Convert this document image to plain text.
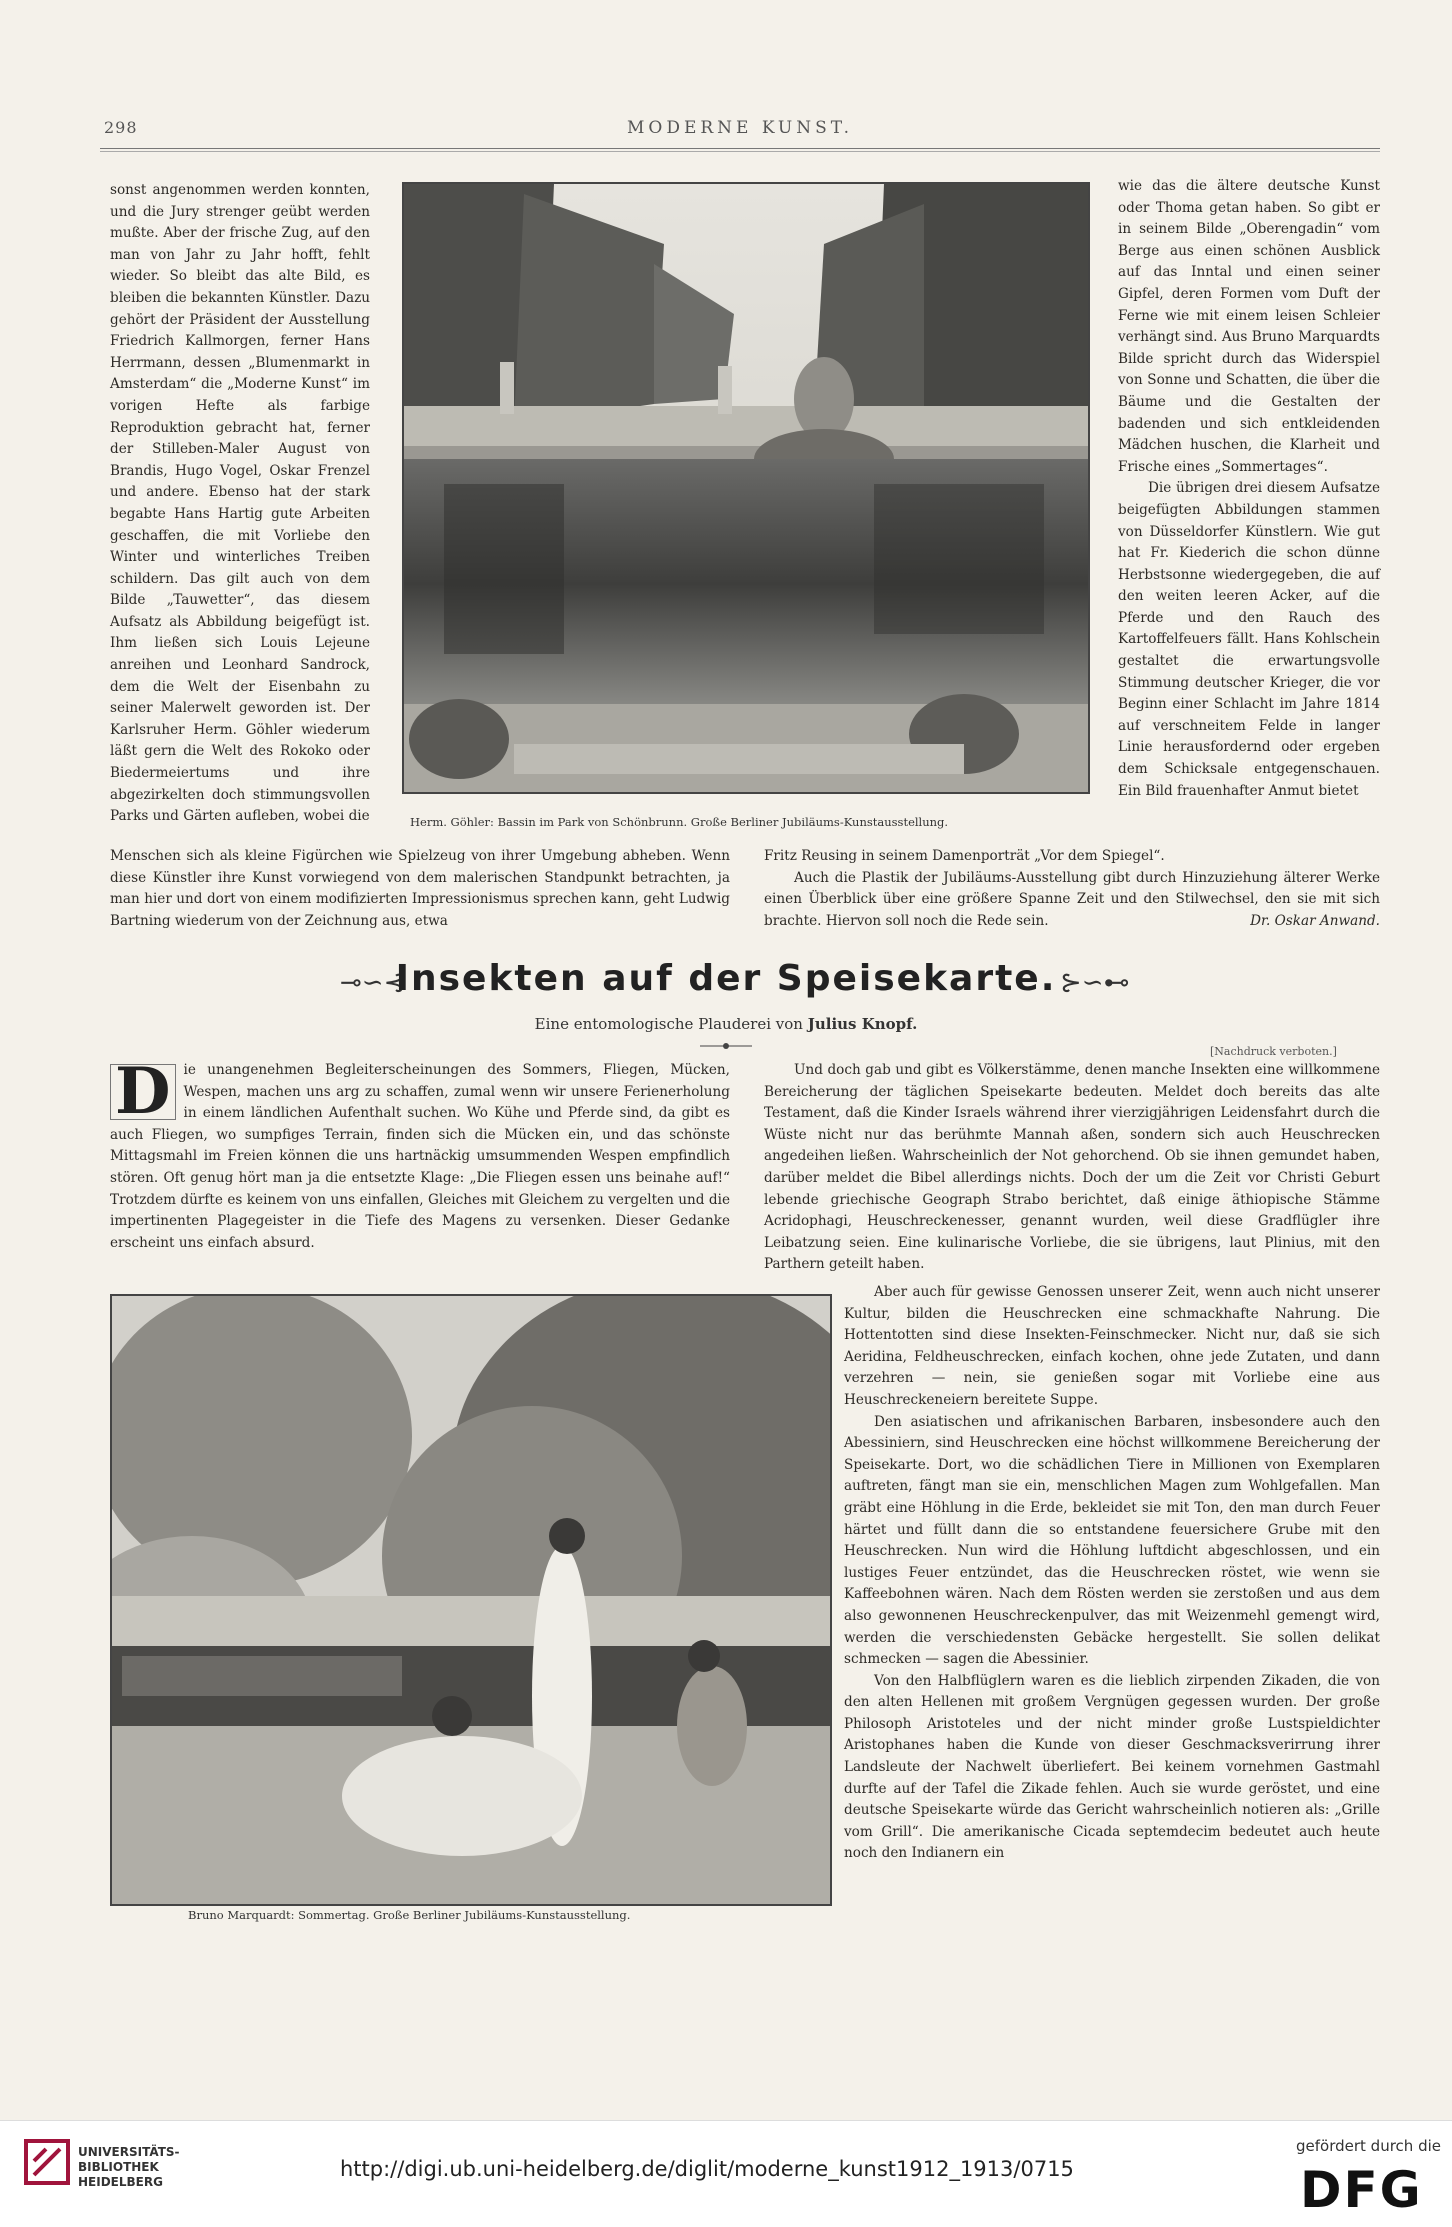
298	MODERNE KUNST.

sonst angenommen werden konnten, und die Jury strenger geübt werden mußte. Aber der frische Zug, auf den man von Jahr zu Jahr hofft, fehlt wieder. So bleibt das alte Bild, es bleiben die bekannten Künstler. Dazu gehört der Präsident der Ausstellung Friedrich Kallmorgen, ferner Hans Herrmann, dessen „Blumenmarkt in Amsterdam“ die „Moderne Kunst“ im vorigen Hefte als farbige Reproduktion gebracht hat, ferner der Stilleben-Maler August von Brandis, Hugo Vogel, Oskar Frenzel und andere. Ebenso hat der stark begabte Hans Hartig gute Arbeiten geschaffen, die mit Vorliebe den Winter und winterliches Treiben schildern. Das gilt auch von dem Bilde „Tauwetter“, das diesem Aufsatz als Abbildung beigefügt ist. Ihm ließen sich Louis Lejeune anreihen und Leonhard Sandrock, dem die Welt der Eisenbahn zu seiner Malerwelt geworden ist. Der Karlsruher Herm. Göhler wiederum läßt gern die Welt des Rokoko oder Biedermeiertums und ihre abgezirkelten doch stimmungsvollen Parks und Gärten aufleben, wobei die	Herm. Göhler: Bassin im Park von Schönbrunn. Große Berliner Jubiläums-Kunstausstellung.

wie das die ältere deutsche Kunst oder Thoma getan haben. So gibt er in seinem Bilde „Oberengadin“ vom Berge aus einen schönen Ausblick auf das Inntal und einen seiner Gipfel, deren Formen vom Duft der Ferne wie mit einem leisen Schleier verhängt sind. Aus Bruno Marquardts Bilde spricht durch das Widerspiel von Sonne und Schatten, die über die Bäume und die Gestalten der badenden und sich entkleidenden Mädchen huschen, die Klarheit und Frische eines „Sommertages“.

Die übrigen drei diesem Aufsatze beigefügten Abbildungen stammen von Düsseldorfer Künstlern. Wie gut hat Fr. Kiederich die schon dünne Herbstsonne wiedergegeben, die auf den weiten leeren Acker, auf die Pferde und den Rauch des Kartoffelfeuers fällt. Hans Kohlschein gestaltet die erwartungsvolle Stimmung deutscher Krieger, die vor Beginn einer Schlacht im Jahre 1814 auf verschneitem Felde in langer Linie herausfordernd oder ergeben dem Schicksale entgegenschauen. Ein Bild frauenhafter Anmut bietet

Menschen sich als kleine Figürchen wie Spielzeug von ihrer Umgebung abheben. Wenn diese Künstler ihre Kunst vorwiegend von dem malerischen Standpunkt betrachten, ja man hier und dort von einem modifizierten Impressionismus sprechen kann, geht Ludwig Bartning wiederum von der Zeichnung aus, etwa

Fritz Reusing in seinem Damenporträt „Vor dem Spiegel“.

Auch die Plastik der Jubiläums-Ausstellung gibt durch Hinzuziehung älterer Werke einen Überblick über eine größere Spanne Zeit und den Stilwechsel, den sie mit sich brachte. Hiervon soll noch die Rede sein.	Dr. Oskar Anwand.

⊸∽⊰
Insekten auf der Speisekarte. ⊱∽⊷
Eine entomologische Plauderei von Julius Knopf.
[Nachdruck verboten.]

D ie unangenehmen Begleiterscheinungen des Sommers, Fliegen, Mücken, Wespen, machen uns arg zu schaffen, zumal wenn wir unsere Ferienerholung in einem ländlichen Aufenthalt suchen. Wo Kühe und Pferde sind, da gibt es auch Fliegen, wo sumpfiges Terrain, finden sich die Mücken ein, und das schönste Mittagsmahl im Freien können die uns hartnäckig umsummenden Wespen empfindlich stören. Oft genug hört man ja die entsetzte Klage: „Die Fliegen essen uns beinahe auf!“ Trotzdem dürfte es keinem von uns einfallen, Gleiches mit Gleichem zu vergelten und die impertinenten Plagegeister in die Tiefe des Magens zu versenken. Dieser Gedanke erscheint uns einfach absurd.

Bruno Marquardt: Sommertag. Große Berliner Jubiläums-Kunstausstellung.

Und doch gab und gibt es Völkerstämme, denen manche Insekten eine willkommene Bereicherung der täglichen Speisekarte bedeuten. Meldet doch bereits das alte Testament, daß die Kinder Israels während ihrer vierzigjährigen Leidensfahrt durch die Wüste nicht nur das berühmte Mannah aßen, sondern sich auch Heuschrecken angedeihen ließen. Wahrscheinlich der Not gehorchend. Ob sie ihnen gemundet haben, darüber meldet die Bibel allerdings nichts. Doch der um die Zeit vor Christi Geburt lebende griechische Geograph Strabo berichtet, daß einige äthiopische Stämme Acridophagi, Heuschreckenesser, genannt wurden, weil diese Gradflügler ihre Leibatzung seien. Eine kulinarische Vorliebe, die sie übrigens, laut Plinius, mit den Parthern geteilt haben.

Aber auch für gewisse Genossen unserer Zeit, wenn auch nicht unserer Kultur, bilden die Heuschrecken eine schmackhafte Nahrung. Die Hottentotten sind diese Insekten-Feinschmecker. Nicht nur, daß sie sich Aeridina, Feldheuschrecken, einfach kochen, ohne jede Zutaten, und dann verzehren — nein, sie genießen sogar mit Vorliebe eine aus Heuschreckeneiern bereitete Suppe.

Den asiatischen und afrikanischen Barbaren, insbesondere auch den Abessiniern, sind Heuschrecken eine höchst willkommene Bereicherung der Speisekarte. Dort, wo die schädlichen Tiere in Millionen von Exemplaren auftreten, fängt man sie ein, menschlichen Magen zum Wohlgefallen. Man gräbt eine Höhlung in die Erde, bekleidet sie mit Ton, den man durch Feuer härtet und füllt dann die so entstandene feuersichere Grube mit den Heuschrecken. Nun wird die Höhlung luftdicht abgeschlossen, und ein lustiges Feuer entzündet, das die Heuschrecken röstet, wie wenn sie Kaffeebohnen wären. Nach dem Rösten werden sie zerstoßen und aus dem also gewonnenen Heuschreckenpulver, das mit Weizenmehl gemengt wird, werden die verschiedensten Gebäcke hergestellt. Sie sollen delikat schmecken — sagen die Abessinier.

Von den Halbflüglern waren es die lieblich zirpenden Zikaden, die von den alten Hellenen mit großem Vergnügen gegessen wurden. Der große Philosoph Aristoteles und der nicht minder große Lustspieldichter Aristophanes haben die Kunde von dieser Geschmacksverirrung ihrer Landsleute der Nachwelt überliefert. Bei keinem vornehmen Gastmahl durfte auf der Tafel die Zikade fehlen. Auch sie wurde geröstet, und eine deutsche Speisekarte würde das Gericht wahrscheinlich notieren als: „Grille vom Grill“. Die amerikanische Cicada septemdecim bedeutet auch heute noch den Indianern ein

UNIVERSITÄTS-
BIBLIOTHEK
HEIDELBERG
http://digi.ub.uni-heidelberg.de/diglit/moderne_kunst1912_1913/0715
gefördert durch die
DFG
